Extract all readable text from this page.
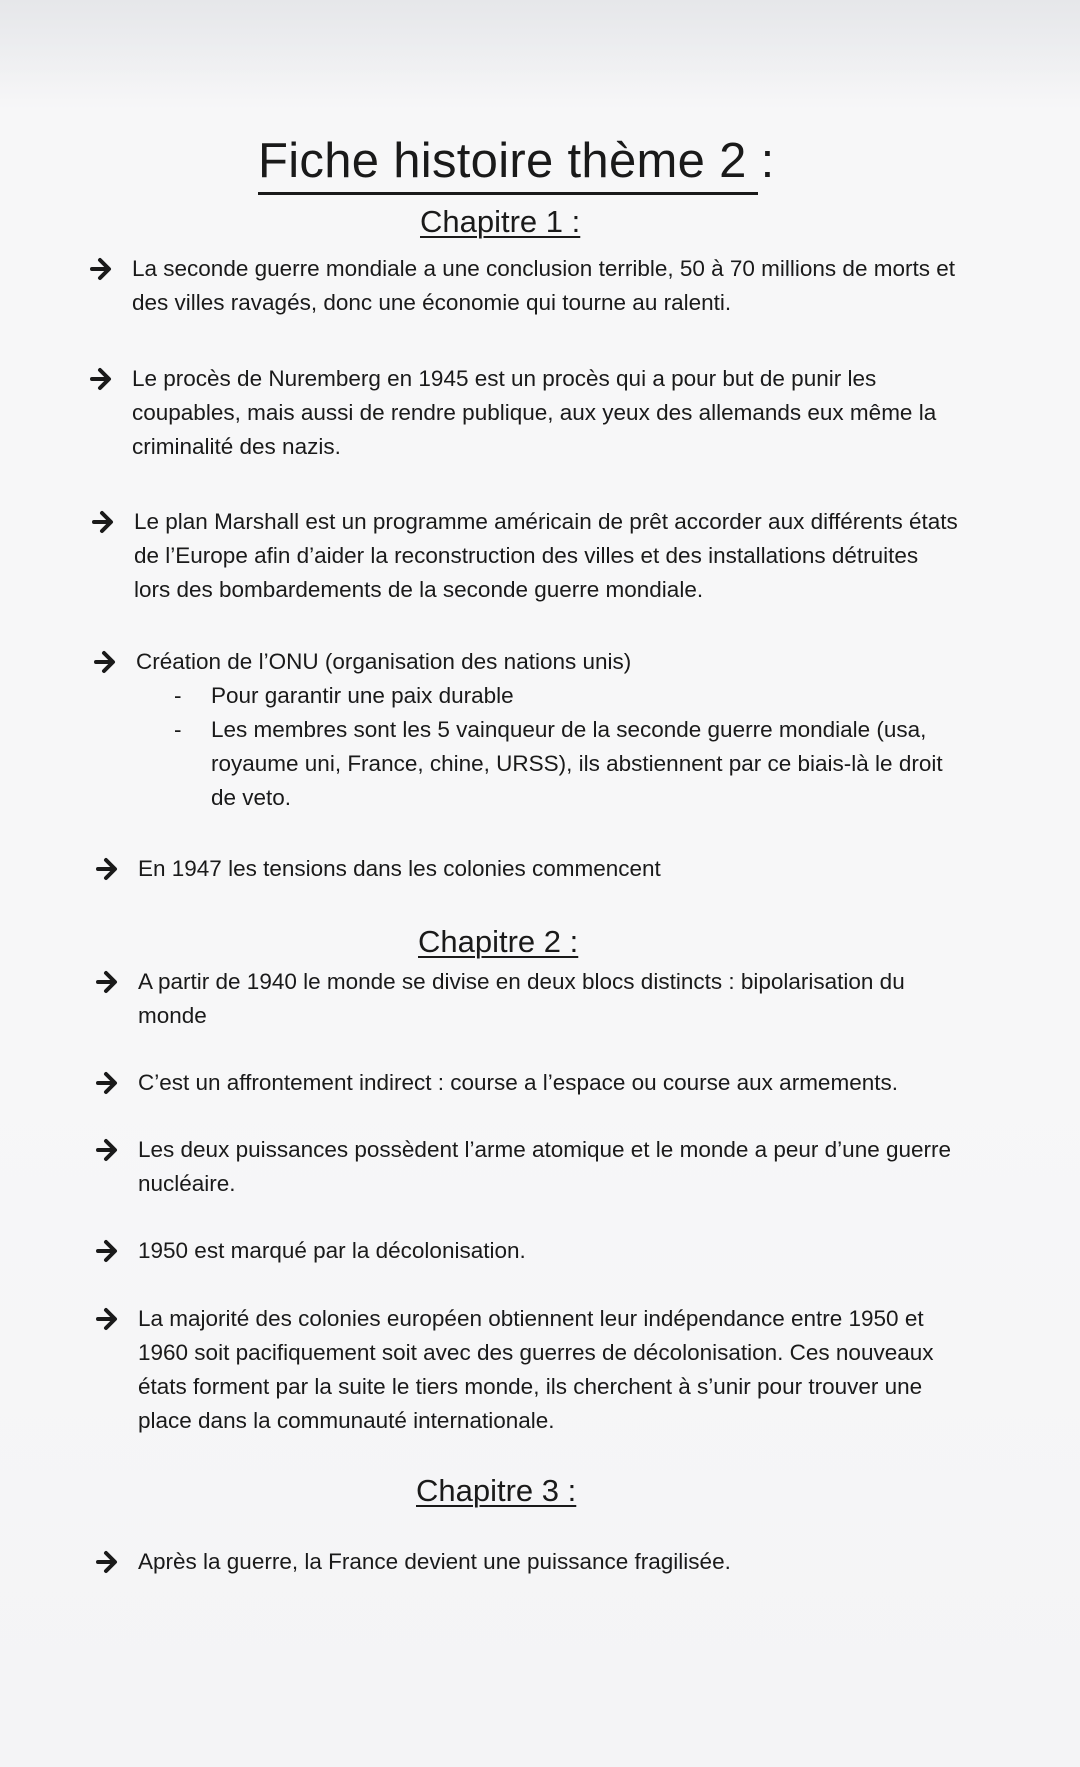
Fiche histoire thème 2 :
Chapitre 1 :
La seconde guerre mondiale a une conclusion terrible, 50 à 70 millions de morts et des villes ravagés, donc une économie qui tourne au ralenti.
Le procès de Nuremberg en 1945 est un procès qui a pour but de punir les coupables, mais aussi de rendre publique, aux yeux des allemands eux même la criminalité des nazis.
Le plan Marshall est un programme américain de prêt accorder aux différents états de l’Europe afin d’aider la reconstruction des villes et des installations détruites lors des bombardements de la seconde guerre mondiale.
Création de l’ONU (organisation des nations unis)
- Pour garantir une paix durable
- Les membres sont les 5 vainqueur de la seconde guerre mondiale (usa, royaume uni, France, chine, URSS), ils abstiennent par ce biais-là le droit de veto.
En 1947 les tensions dans les colonies commencent
Chapitre 2 :
A partir de 1940 le monde se divise en deux blocs distincts : bipolarisation du monde
C’est un affrontement indirect : course a l’espace ou course aux armements.
Les deux puissances possèdent l’arme atomique et le monde a peur d’une guerre nucléaire.
1950 est marqué par la décolonisation.
La majorité des colonies européen obtiennent leur indépendance entre 1950 et 1960 soit pacifiquement soit avec des guerres de décolonisation. Ces nouveaux états forment par la suite le tiers monde, ils cherchent à s’unir pour trouver une place dans la communauté internationale.
Chapitre 3 :
Après la guerre, la France devient une puissance fragilisée.
